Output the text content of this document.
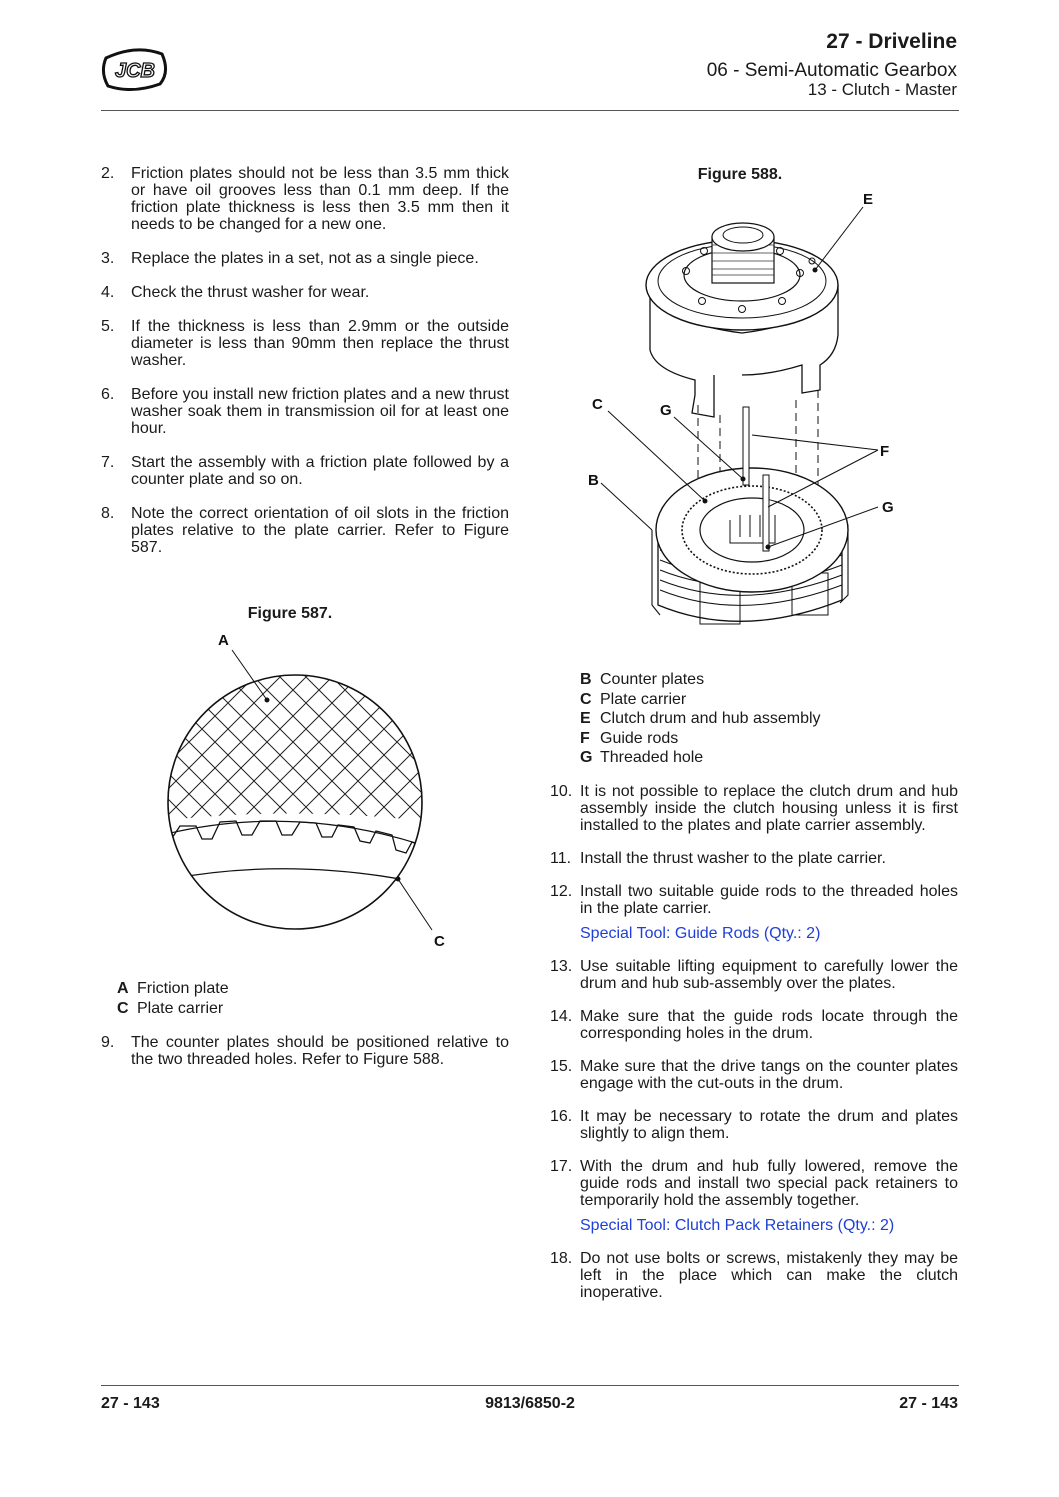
JCB
27 - Driveline
06 - Semi-Automatic Gearbox
13 - Clutch - Master
2. Friction plates should not be less than 3.5 mm thick or have oil grooves less than 0.1 mm deep. If the friction plate thickness is less then 3.5 mm then it needs to be changed for a new one.
3. Replace the plates in a set, not as a single piece.
4. Check the thrust washer for wear.
5. If the thickness is less than 2.9mm or the outside diameter is less than 90mm then replace the thrust washer.
6. Before you install new friction plates and a new thrust washer soak them in transmission oil for at least one hour.
7. Start the assembly with a friction plate followed by a counter plate and so on.
8. Note the correct orientation of oil slots in the friction plates relative to the plate carrier. Refer to Figure 587.
Figure 587.
A
C
A Friction plate
C Plate carrier
9. The counter plates should be positioned relative to the two threaded holes. Refer to Figure 588.
Figure 588.
E
C	G
F
B
G
B Counter plates
C Plate carrier
E Clutch drum and hub assembly
F Guide rods
G Threaded hole
10. It is not possible to replace the clutch drum and hub assembly inside the clutch housing unless it is first installed to the plates and plate carrier assembly.
11. Install the thrust washer to the plate carrier.
12. Install two suitable guide rods to the threaded holes in the plate carrier.
Special Tool: Guide Rods (Qty.: 2)
13. Use suitable lifting equipment to carefully lower the drum and hub sub-assembly over the plates.
14. Make sure that the guide rods locate through the corresponding holes in the drum.
15. Make sure that the drive tangs on the counter plates engage with the cut-outs in the drum.
16. It may be necessary to rotate the drum and plates slightly to align them.
17. With the drum and hub fully lowered, remove the guide rods and install two special pack retainers to temporarily hold the assembly together.
Special Tool: Clutch Pack Retainers (Qty.: 2)
18. Do not use bolts or screws, mistakenly they may be left in the place which can make the clutch inoperative.
27 - 143	9813/6850-2	27 - 143
